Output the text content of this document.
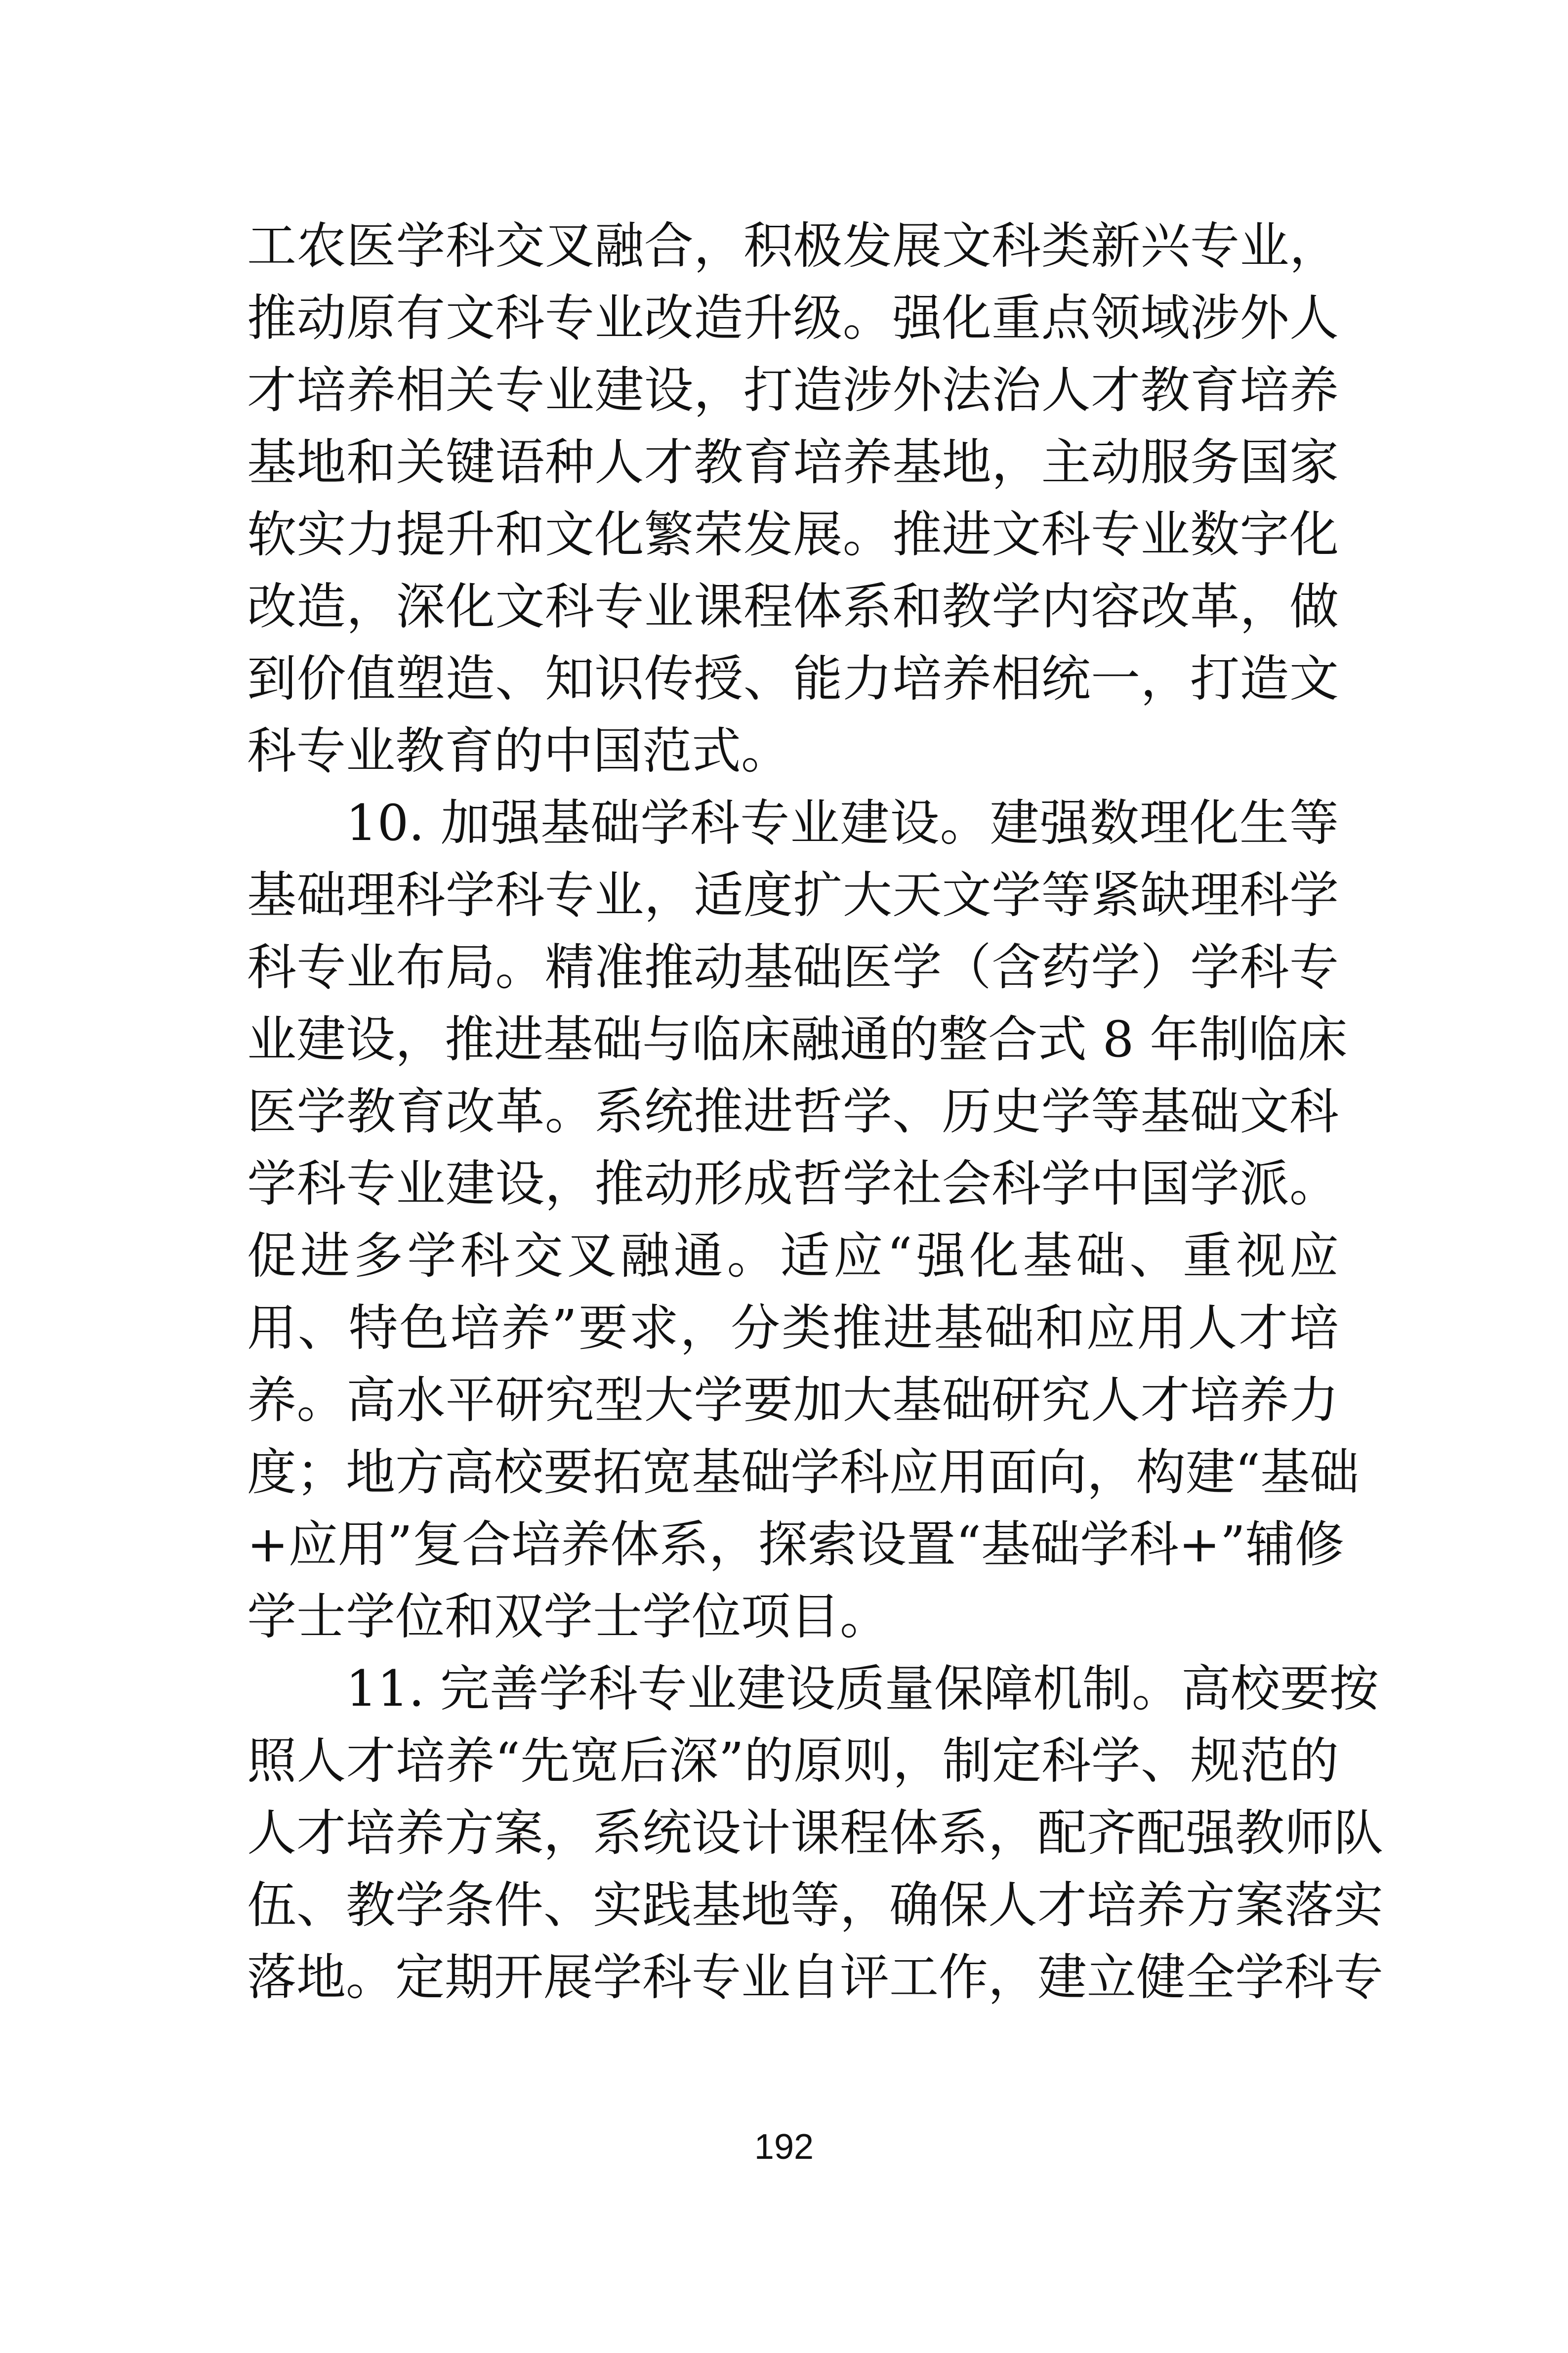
工农医学科交叉融合，积极发展文科类新兴专业，
推动原有文科专业改造升级。强化重点领域涉外人
才培养相关专业建设，打造涉外法治人才教育培养
基地和关键语种人才教育培养基地，主动服务国家
软实力提升和文化繁荣发展。推进文科专业数字化
改造，深化文科专业课程体系和教学内容改革，做
到价值塑造、知识传授、能力培养相统一，打造文
科专业教育的中国范式。
10. 加强基础学科专业建设。建强数理化生等
基础理科学科专业，适度扩大天文学等紧缺理科学
科专业布局。精准推动基础医学（含药学）学科专
业建设，推进基础与临床融通的整合式 8 年制临床
医学教育改革。系统推进哲学、历史学等基础文科
学科专业建设，推动形成哲学社会科学中国学派。
促进多学科交叉融通。适应“强化基础、重视应
用、特色培养”要求，分类推进基础和应用人才培
养。高水平研究型大学要加大基础研究人才培养力
度；地方高校要拓宽基础学科应用面向，构建“基础
+应用”复合培养体系，探索设置“基础学科+”辅修
学士学位和双学士学位项目。
11. 完善学科专业建设质量保障机制。高校要按
照人才培养“先宽后深”的原则，制定科学、规范的
人才培养方案，系统设计课程体系，配齐配强教师队
伍、教学条件、实践基地等，确保人才培养方案落实
落地。定期开展学科专业自评工作，建立健全学科专
192
